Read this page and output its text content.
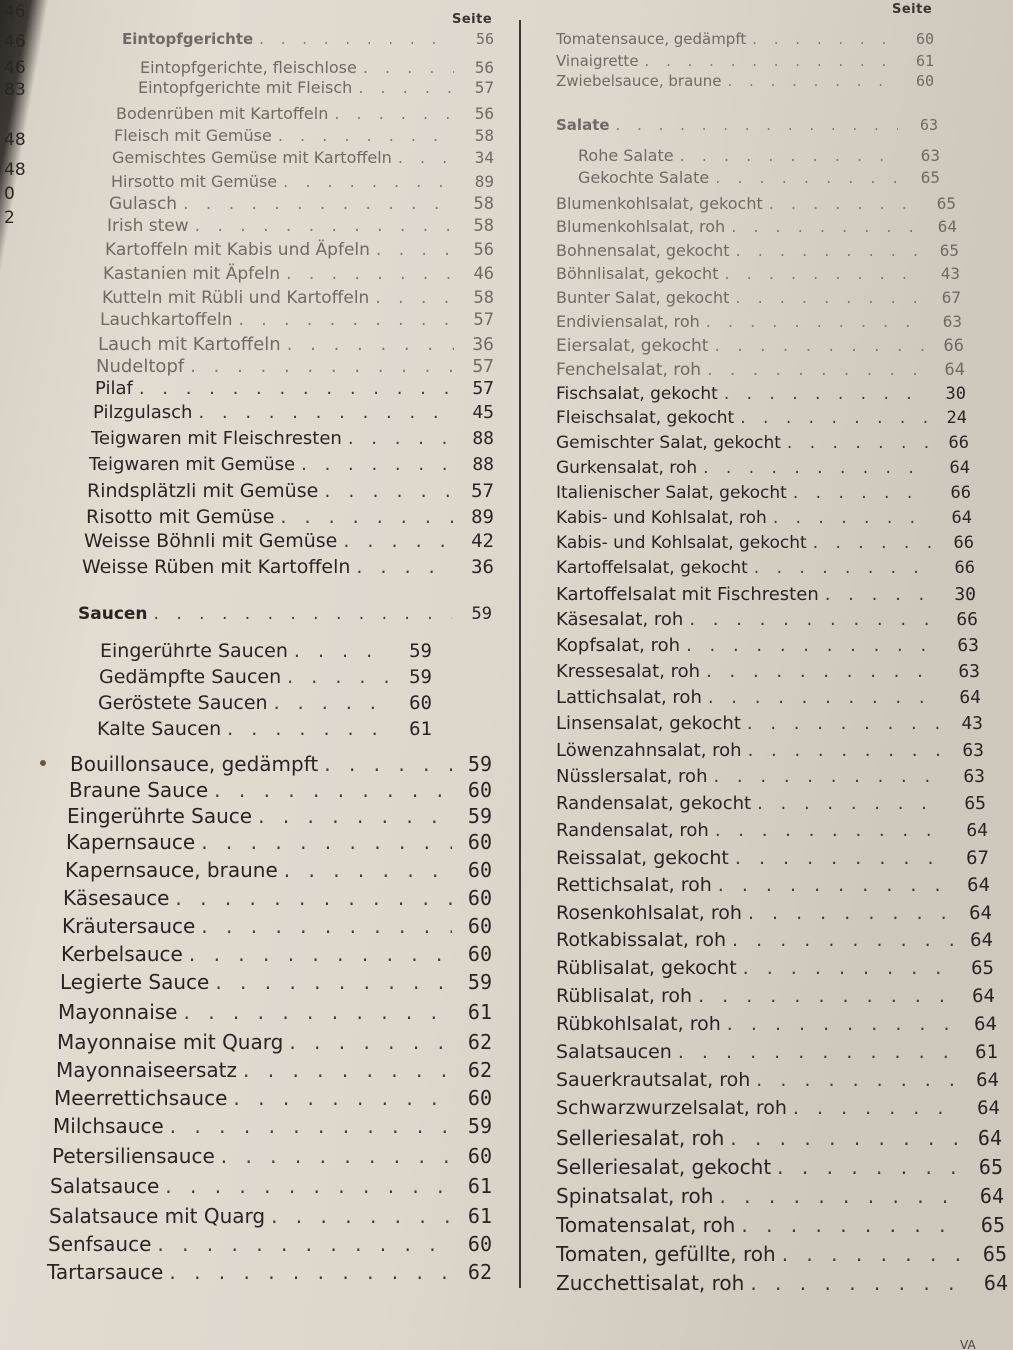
46
46
46
83
48
48
0
2
Seite
Eintopfgerichte . . .	56
Eintopfgerichte, fleischlose . . .	56
Eintopfgerichte mit Fleisch . . .	57
Bodenrüben mit Kartoffeln . . .	56
Fleisch mit Gemüse . . .	58
Gemischtes Gemüse mit Kartoffeln . . .	34
Hirsotto mit Gemüse . . .	89
Gulasch . . .	58
Irish stew . . .	58
Kartoffeln mit Kabis und Äpfeln . . .	56
Kastanien mit Äpfeln . . .	46
Kutteln mit Rübli und Kartoffeln . . .	58
Lauchkartoffeln . . .	57
Lauch mit Kartoffeln . . .	36
Nudeltopf . . .	57
Pilaf . . .	57
Pilzgulasch . . .	45
Teigwaren mit Fleischresten . . .	88
Teigwaren mit Gemüse . . .	88
Rindsplätzli mit Gemüse . . .	57
Risotto mit Gemüse . . .	89
Weisse Böhnli mit Gemüse . . .	42
Weisse Rüben mit Kartoffeln . . .	36
Saucen . . .	59
Eingerührte Saucen . . .	59
Gedämpfte Saucen . . .	59
Geröstete Saucen . . .	60
Kalte Saucen . . .	61
Bouillonsauce, gedämpft . . .	59
Braune Sauce . . .	60
Eingerührte Sauce . . .	59
Kapernsauce . . .	60
Kapernsauce, braune . . .	60
Käsesauce . . .	60
Kräutersauce . . .	60
Kerbelsauce . . .	60
Legierte Sauce . . .	59
Mayonnaise . . .	61
Mayonnaise mit Quarg . . .	62
Mayonnaiseersatz . . .	62
Meerrettichsauce . . .	60
Milchsauce . . .	59
Petersiliensauce . . .	60
Salatsauce . . .	61
Salatsauce mit Quarg . . .	61
Senfsauce . . .	60
Tartarsauce . . .	62
Seite
Tomatensauce, gedämpft . . .	60
Vinaigrette . . .	61
Zwiebelsauce, braune . . .	60
Salate . . .	63
Rohe Salate . . .	63
Gekochte Salate . . .	65
Blumenkohlsalat, gekocht . . .	65
Blumenkohlsalat, roh . . .	64
Bohnensalat, gekocht . . .	65
Böhnlisalat, gekocht . . .	43
Bunter Salat, gekocht . . .	67
Endiviensalat, roh . . .	63
Eiersalat, gekocht . . .	66
Fenchelsalat, roh . . .	64
Fischsalat, gekocht . . .	30
Fleischsalat, gekocht . . .	24
Gemischter Salat, gekocht . . .	66
Gurkensalat, roh . . .	64
Italienischer Salat, gekocht . . .	66
Kabis- und Kohlsalat, roh . . .	64
Kabis- und Kohlsalat, gekocht . . .	66
Kartoffelsalat, gekocht . . .	66
Kartoffelsalat mit Fischresten . . .	30
Käsesalat, roh . . .	66
Kopfsalat, roh . . .	63
Kressesalat, roh . . .	63
Lattichsalat, roh . . .	64
Linsensalat, gekocht . . .	43
Löwenzahnsalat, roh . . .	63
Nüsslersalat, roh . . .	63
Randensalat, gekocht . . .	65
Randensalat, roh . . .	64
Reissalat, gekocht . . .	67
Rettichsalat, roh . . .	64
Rosenkohlsalat, roh . . .	64
Rotkabissalat, roh . . .	64
Rüblisalat, gekocht . . .	65
Rüblisalat, roh . . .	64
Rübkohlsalat, roh . . .	64
Salatsaucen . . .	61
Sauerkrautsalat, roh . . .	64
Schwarzwurzelsalat, roh . . .	64
Selleriesalat, roh . . .	64
Selleriesalat, gekocht . . .	65
Spinatsalat, roh . . .	64
Tomatensalat, roh . . .	65
Tomaten, gefüllte, roh . . .	65
Zucchettisalat, roh . . .	64
VA
